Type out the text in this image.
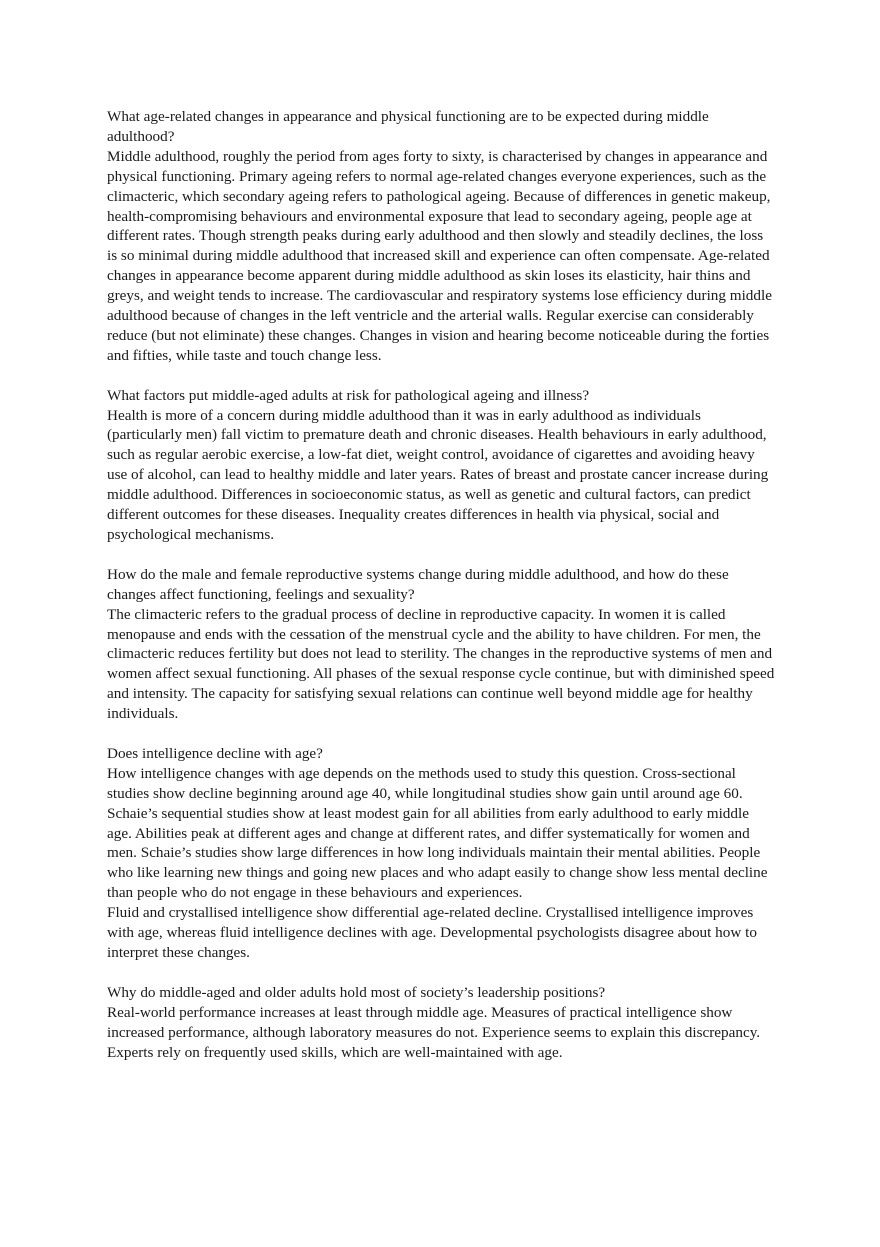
What age-related changes in appearance and physical functioning are to be expected during middle adulthood?

Middle adulthood, roughly the period from ages forty to sixty, is characterised by changes in appearance and physical functioning. Primary ageing refers to normal age-related changes everyone experiences, such as the climacteric, which secondary ageing refers to pathological ageing. Because of differences in genetic makeup, health-compromising behaviours and environmental exposure that lead to secondary ageing, people age at different rates. Though strength peaks during early adulthood and then slowly and steadily declines, the loss is so minimal during middle adulthood that increased skill and experience can often compensate. Age-related changes in appearance become apparent during middle adulthood as skin loses its elasticity, hair thins and greys, and weight tends to increase. The cardiovascular and respiratory systems lose efficiency during middle adulthood because of changes in the left ventricle and the arterial walls. Regular exercise can considerably reduce (but not eliminate) these changes. Changes in vision and hearing become noticeable during the forties and fifties, while taste and touch change less.

What factors put middle-aged adults at risk for pathological ageing and illness?

Health is more of a concern during middle adulthood than it was in early adulthood as individuals (particularly men) fall victim to premature death and chronic diseases. Health behaviours in early adulthood, such as regular aerobic exercise, a low-fat diet, weight control, avoidance of cigarettes and avoiding heavy use of alcohol, can lead to healthy middle and later years. Rates of breast and prostate cancer increase during middle adulthood. Differences in socioeconomic status, as well as genetic and cultural factors, can predict different outcomes for these diseases. Inequality creates differences in health via physical, social and psychological mechanisms.

How do the male and female reproductive systems change during middle adulthood, and how do these changes affect functioning, feelings and sexuality?

The climacteric refers to the gradual process of decline in reproductive capacity. In women it is called menopause and ends with the cessation of the menstrual cycle and the ability to have children. For men, the climacteric reduces fertility but does not lead to sterility. The changes in the reproductive systems of men and women affect sexual functioning. All phases of the sexual response cycle continue, but with diminished speed and intensity. The capacity for satisfying sexual relations can continue well beyond middle age for healthy individuals.

Does intelligence decline with age?

How intelligence changes with age depends on the methods used to study this question. Cross-sectional studies show decline beginning around age 40, while longitudinal studies show gain until around age 60. Schaie’s sequential studies show at least modest gain for all abilities from early adulthood to early middle age. Abilities peak at different ages and change at different rates, and differ systematically for women and men. Schaie’s studies show large differences in how long individuals maintain their mental abilities. People who like learning new things and going new places and who adapt easily to change show less mental decline than people who do not engage in these behaviours and experiences.

Fluid and crystallised intelligence show differential age-related decline. Crystallised intelligence improves with age, whereas fluid intelligence declines with age. Developmental psychologists disagree about how to interpret these changes.

Why do middle-aged and older adults hold most of society’s leadership positions?

Real-world performance increases at least through middle age. Measures of practical intelligence show increased performance, although laboratory measures do not. Experience seems to explain this discrepancy. Experts rely on frequently used skills, which are well-maintained with age.
